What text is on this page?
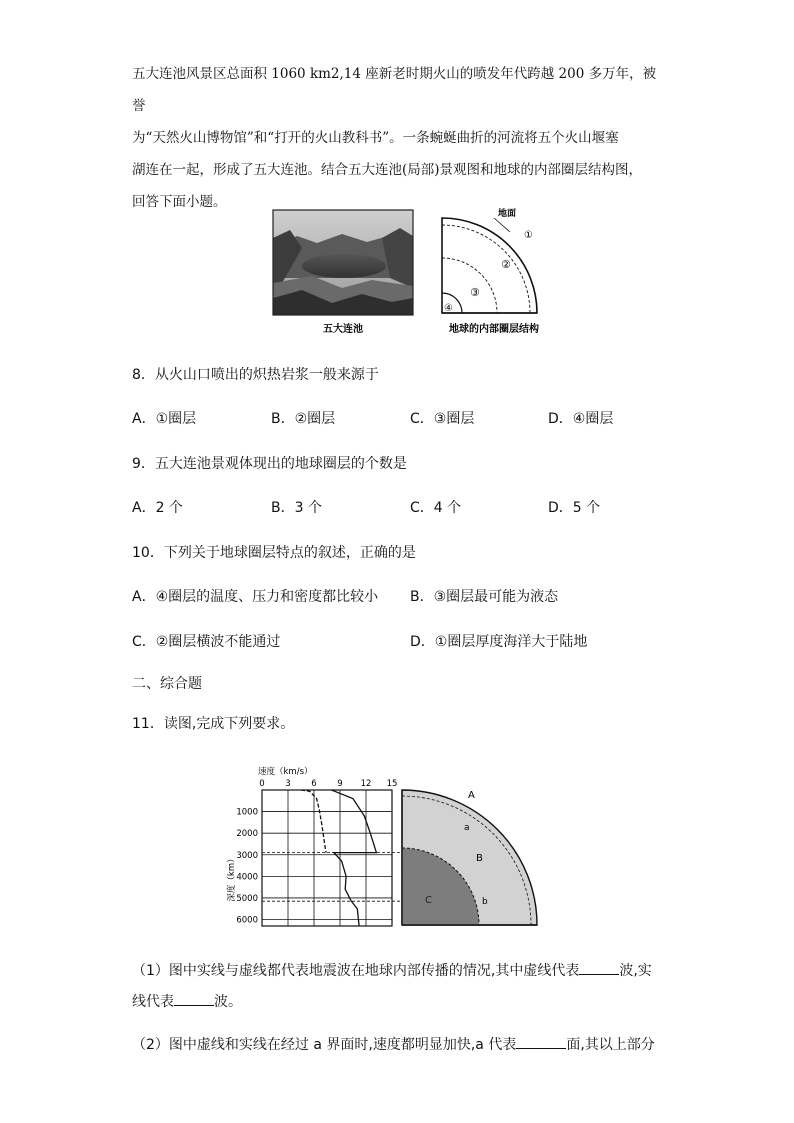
五大连池风景区总面积 1060 km2,14 座新老时期火山的喷发年代跨越 200 多万年，被誉
为“天然火山博物馆”和“打开的火山教科书”。一条蜿蜒曲折的河流将五个火山堰塞
湖连在一起，形成了五大连池。结合五大连池(局部)景观图和地球的内部圈层结构图，
回答下面小题。
五大连池
地面
①
②
③
④
地球的内部圈层结构
8．从火山口喷出的炽热岩浆一般来源于
A．①圈层	B．②圈层	C．③圈层	D．④圈层
9．五大连池景观体现出的地球圈层的个数是
A．2 个	B．3 个	C．4 个	D．5 个
10．下列关于地球圈层特点的叙述，正确的是
A．④圈层的温度、压力和密度都比较小 B．③圈层最可能为液态
C．②圈层横波不能通过	D．①圈层厚度海洋大于陆地
二、综合题
11．读图,完成下列要求。
速度（km/s）
0 3 6 9 12 15
1000
2000
3000
4000
5000
6000
深度（km）
A
a
B
b
C
（1）图中实线与虚线都代表地震波在地球内部传播的情况,其中虚线代表	波,实
线代表	波。
（2）图中虚线和实线在经过 a 界面时,速度都明显加快,a 代表	面,其以上部分
